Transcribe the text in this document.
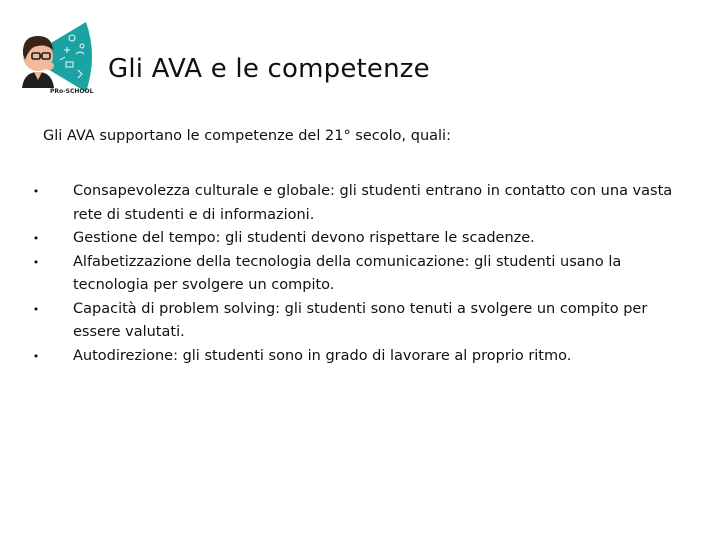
PRo-SCHOOL
Gli AVA e le competenze
Gli AVA supportano le competenze del 21° secolo, quali:
• Consapevolezza culturale e globale: gli studenti entrano in contatto con una vasta rete di studenti e di informazioni.
• Gestione del tempo: gli studenti devono rispettare le scadenze.
• Alfabetizzazione della tecnologia della comunicazione: gli studenti usano la tecnologia per svolgere un compito.
• Capacità di problem solving: gli studenti sono tenuti a svolgere un compito per essere valutati.
• Autodirezione: gli studenti sono in grado di lavorare al proprio ritmo.
